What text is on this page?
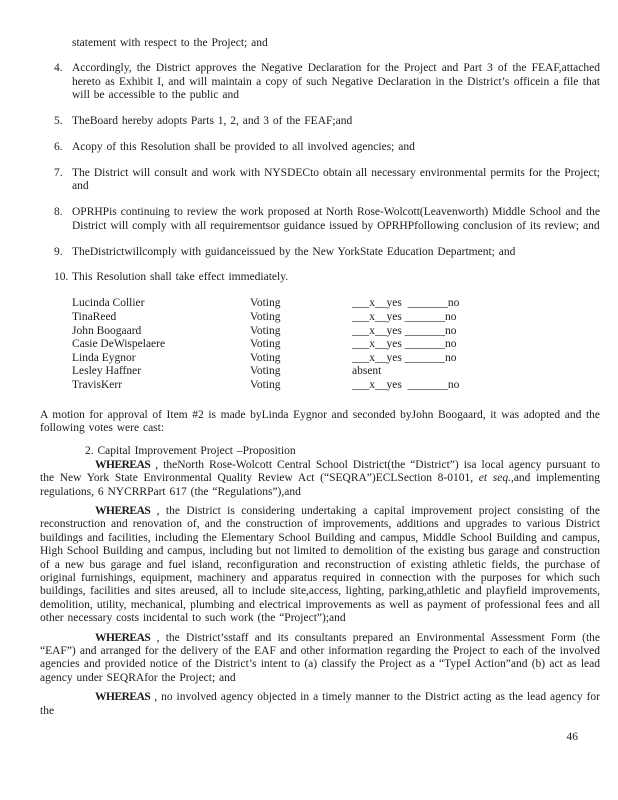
statement with respect to the Project; and

4. Accordingly, the District approves the Negative Declaration for the Project and Part 3 of the FEAF,attached hereto as Exhibit I, and will maintain a copy of such Negative Declaration in the District’s officein a file that will be accessible to the public and
5. TheBoard hereby adopts Parts 1, 2, and 3 of the FEAF;and
6. Acopy of this Resolution shall be provided to all involved agencies; and
7. The District will consult and work with NYSDECto obtain all necessary environmental permits for the Project; and
8. OPRHPis continuing to review the work proposed at North Rose-Wolcott(Leavenworth) Middle School and the District will comply with all requirementsor guidance issued by OPRHPfollowing conclusion of its review; and
9. TheDistrictwillcomply with guidanceissued by the New YorkState Education Department; and
10. This Resolution shall take effect immediately.
Lucinda Collier	Voting	___x__yes  _______no
TinaReed	Voting	___x__yes _______no
John Boogaard	Voting	___x__yes _______no
Casie DeWispelaere	Voting	___x__yes _______no
Linda Eygnor	Voting	___x__yes _______no
Lesley Haffner	Voting	absent
TravisKerr	Voting	___x__yes  _______no

A motion for approval of Item #2 is made byLinda Eygnor and seconded byJohn Boogaard, it was adopted and the following votes were cast:

2. Capital Improvement Project –Proposition

WHEREAS , theNorth Rose-Wolcott Central School District(the “District”) isa local agency pursuant to the New York State Environmental Quality Review Act (“SEQRA”)ECLSection 8-0101, et seq.,and implementing regulations, 6 NYCRRPart 617 (the “Regulations”),and

WHEREAS , the District is considering undertaking a capital improvement project consisting of the reconstruction and renovation of, and the construction of improvements, additions and upgrades to various District buildings and facilities, including the Elementary School Building and campus, Middle School Building and campus, High School Building and campus, including but not limited to demolition of the existing bus garage and construction of a new bus garage and fuel island, reconfiguration and reconstruction of existing athletic fields, the purchase of original furnishings, equipment, machinery and apparatus required in connection with the purposes for which such buildings, facilities and sites areused, all to include site,access, lighting, parking,athletic and playfield improvements, demolition, utility, mechanical, plumbing and electrical improvements as well as payment of professional fees and all other necessary costs incidental to such work (the “Project”);and

WHEREAS , the District’sstaff and its consultants prepared an Environmental Assessment Form (the “EAF”) and arranged for the delivery of the EAF and other information regarding the Project to each of the involved agencies and provided notice of the District’s intent to (a) classify the Project as a “TypeI Action”and (b) act as lead agency under SEQRAfor the Project; and

WHEREAS , no involved agency objected in a timely manner to the District acting as the lead agency for the

46
